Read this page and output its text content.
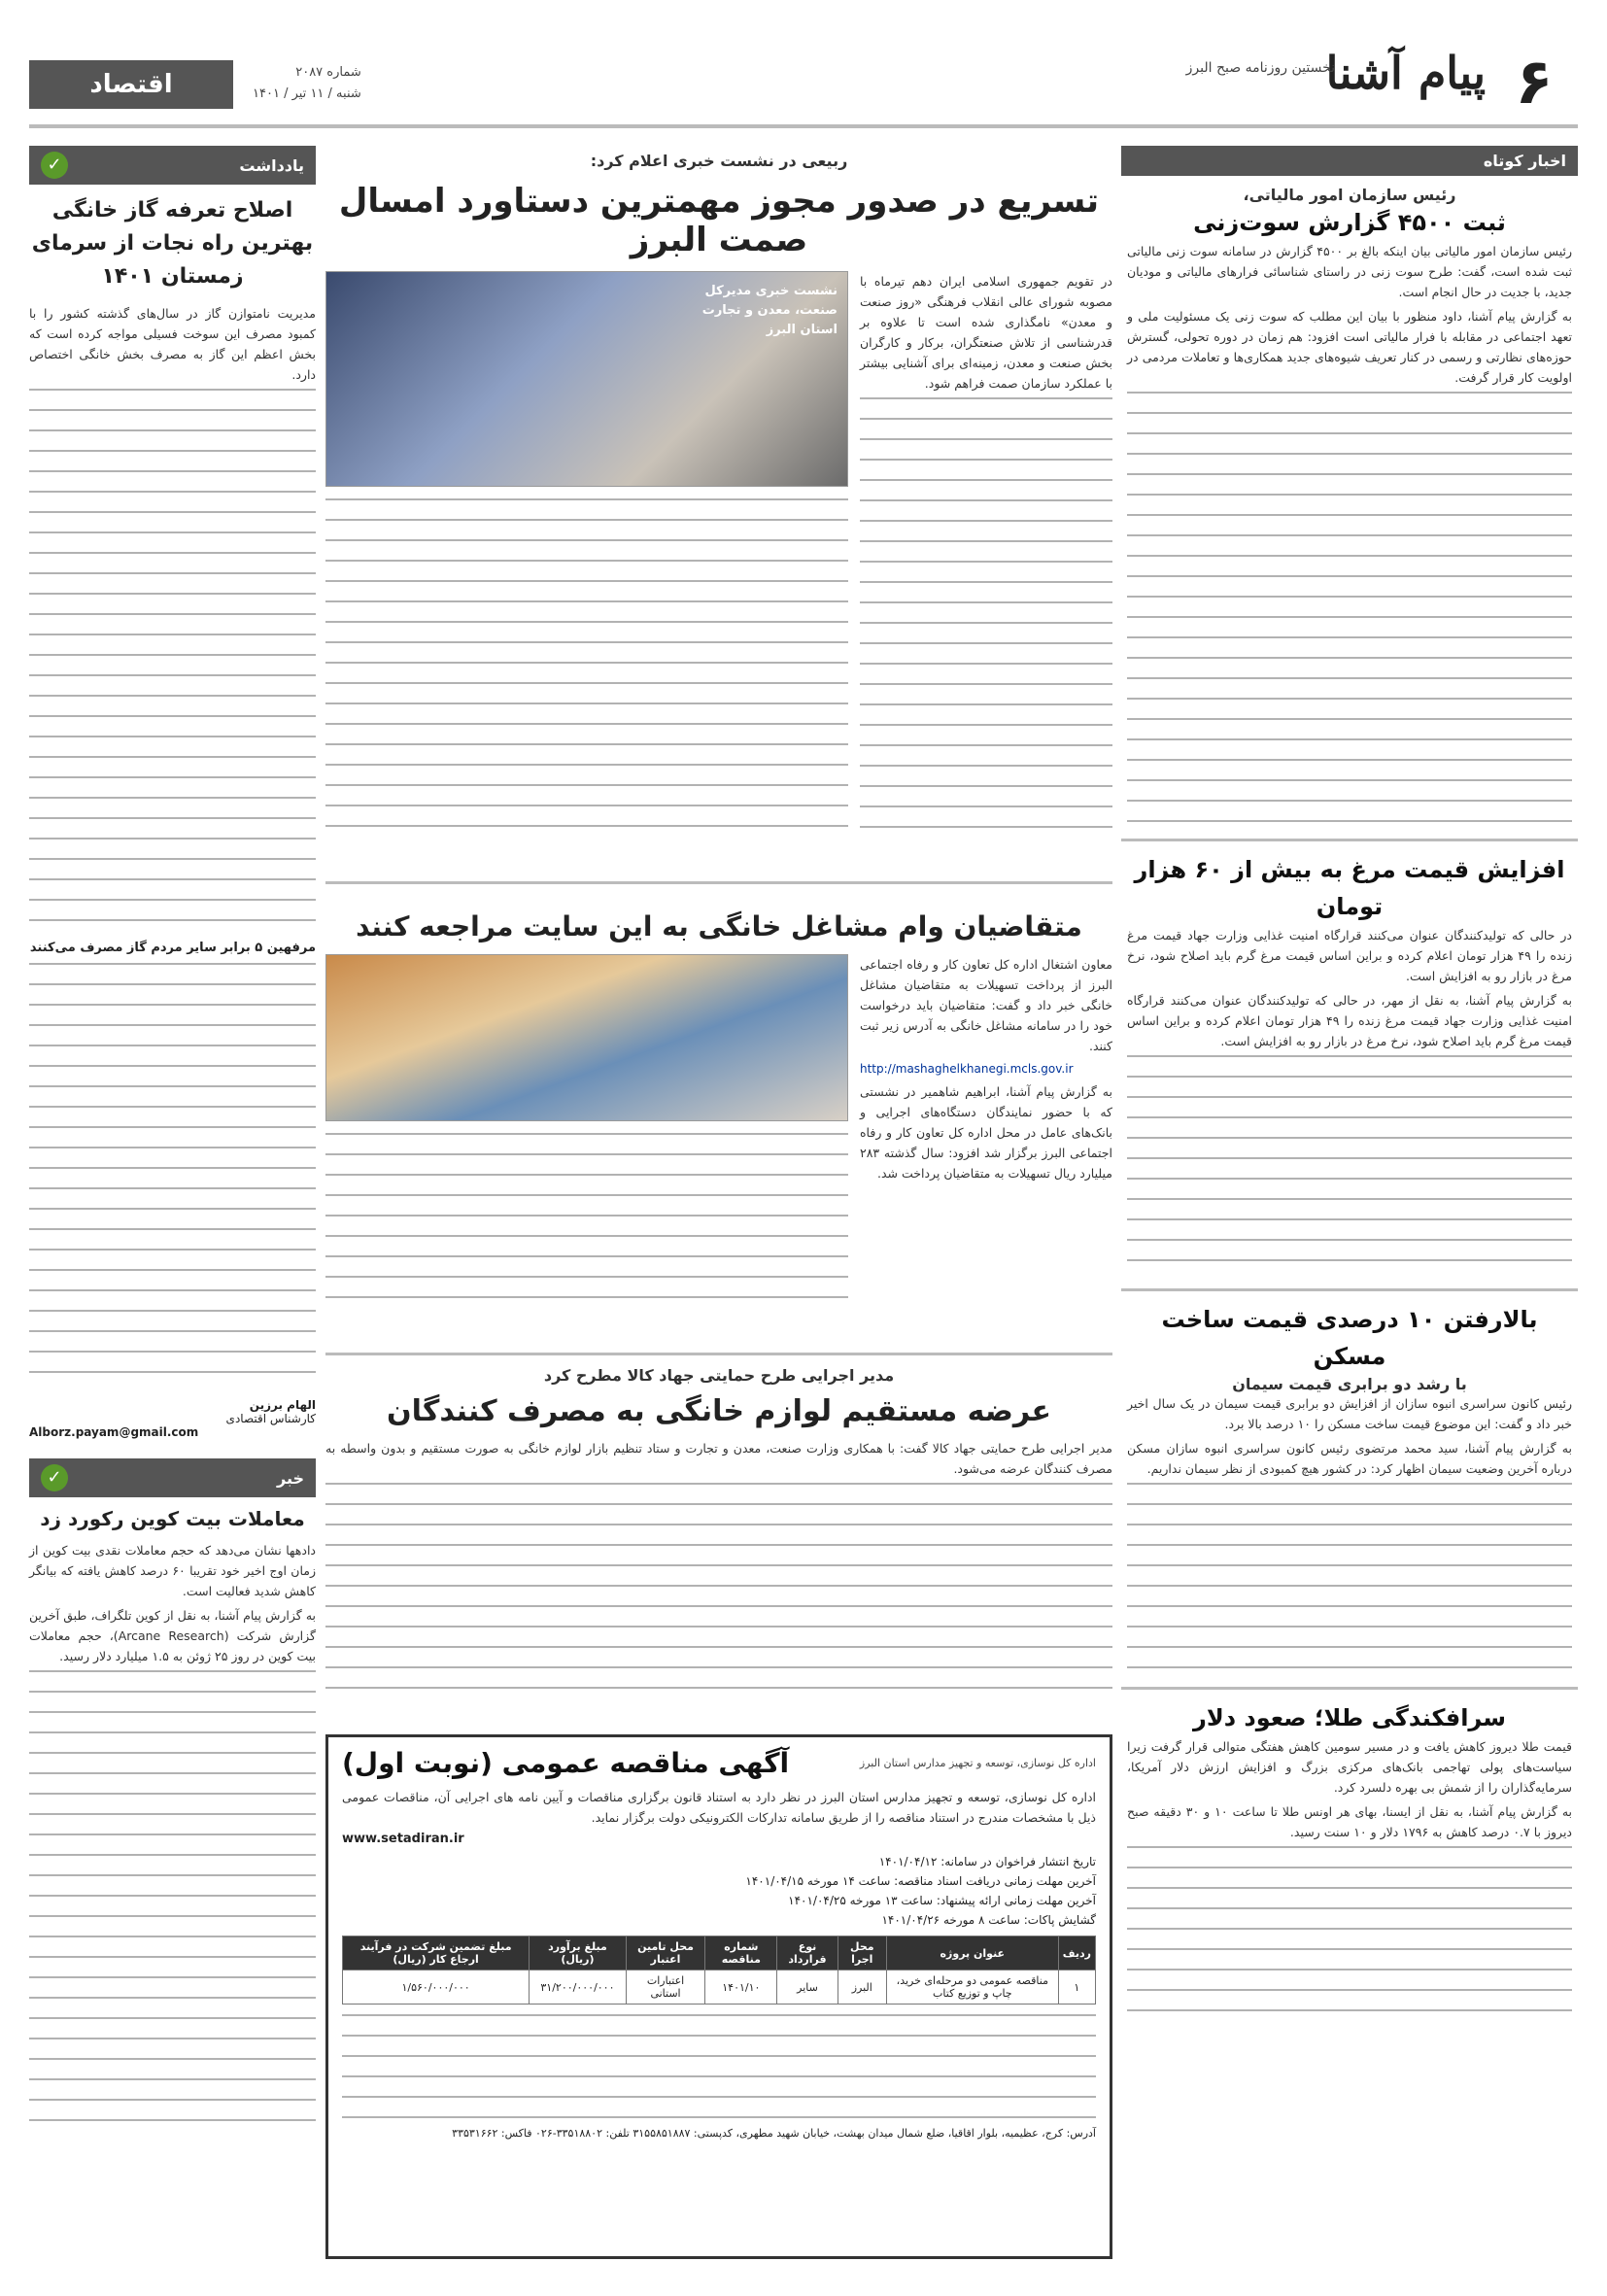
۶
پیام آشنا
نخستین روزنامه صبح البرز
شماره ۲۰۸۷
شنبه / ۱۱ تیر / ۱۴۰۱
اقتصاد
اخبار کوتاه
رئیس سازمان امور مالیاتی،
ثبت ۴۵۰۰ گزارش سوت‌زنی

رئیس سازمان امور مالیاتی بیان اینکه بالغ بر ۴۵۰۰ گزارش در سامانه سوت زنی مالیاتی ثبت شده است، گفت: طرح سوت زنی در راستای شناسائی فرارهای مالیاتی و مودیان جدید، با جدیت در حال انجام است.

به گزارش پیام آشنا، داود منظور با بیان این مطلب که سوت زنی یک مسئولیت ملی و تعهد اجتماعی در مقابله با فرار مالیاتی است افزود: هم زمان در دوره تحولی، گسترش حوزه‌های نظارتی و رسمی در کنار تعریف شیوه‌های جدید همکاری‌ها و تعاملات مردمی در اولویت کار قرار گرفت.

افزایش قیمت مرغ به بیش از ۶۰ هزار تومان

در حالی که تولیدکنندگان عنوان می‌کنند قرارگاه امنیت غذایی وزارت جهاد قیمت مرغ زنده را ۴۹ هزار تومان اعلام کرده و براین اساس قیمت مرغ گرم باید اصلاح شود، نرخ مرغ در بازار رو به افزایش است.

به گزارش پیام آشنا، به نقل از مهر، در حالی که تولیدکنندگان عنوان می‌کنند قرارگاه امنیت غذایی وزارت جهاد قیمت مرغ زنده را ۴۹ هزار تومان اعلام کرده و براین اساس قیمت مرغ گرم باید اصلاح شود، نرخ مرغ در بازار رو به افزایش است.

بالارفتن ۱۰ درصدی قیمت ساخت مسکن
با رشد دو برابری قیمت سیمان

رئیس کانون سراسری انبوه سازان از افزایش دو برابری قیمت سیمان در یک سال اخیر خبر داد و گفت: این موضوع قیمت ساخت مسکن را ۱۰ درصد بالا برد.

به گزارش پیام آشنا، سید محمد مرتضوی رئیس کانون سراسری انبوه سازان مسکن درباره آخرین وضعیت سیمان اظهار کرد: در کشور هیچ کمبودی از نظر سیمان نداریم.

سرافکندگی طلا؛ صعود دلار

قیمت طلا دیروز کاهش یافت و در مسیر سومین کاهش هفتگی متوالی قرار گرفت زیرا سیاست‌های پولی تهاجمی بانک‌های مرکزی بزرگ و افزایش ارزش دلار آمریکا، سرمایه‌گذاران را از شمش بی بهره دلسرد کرد.

به گزارش پیام آشنا، به نقل از ایسنا، بهای هر اونس طلا تا ساعت ۱۰ و ۳۰ دقیقه صبح دیروز با ۰.۷ درصد کاهش به ۱۷۹۶ دلار و ۱۰ سنت رسید.

ربیعی در نشست خبری اعلام کرد:
تسریع در صدور مجوز مهمترین دستاورد امسال صمت البرز

در تقویم جمهوری اسلامی ایران دهم تیرماه با مصوبه شورای عالی انقلاب فرهنگی «روز صنعت و معدن» نامگذاری شده است تا علاوه بر قدرشناسی از تلاش صنعتگران، برکار و کارگران بخش صنعت و معدن، زمینه‌ای برای آشنایی بیشتر با عملکرد سازمان صمت فراهم شود.

نشست خبری مدیرکل صنعت، معدن و تجارت استان البرز
متقاضیان وام مشاغل خانگی به این سایت مراجعه کنند

معاون اشتغال اداره کل تعاون کار و رفاه اجتماعی البرز از پرداخت تسهیلات به متقاضیان مشاغل خانگی خبر داد و گفت: متقاضیان باید درخواست خود را در سامانه مشاغل خانگی به آدرس زیر ثبت کنند.

http://mashaghelkhanegi.mcls.gov.ir

به گزارش پیام آشنا، ابراهیم شاهمیر در نشستی که با حضور نمایندگان دستگاه‌های اجرایی و بانک‌های عامل در محل اداره کل تعاون کار و رفاه اجتماعی البرز برگزار شد افزود: سال گذشته ۲۸۳ میلیارد ریال تسهیلات به متقاضیان پرداخت شد.

مدیر اجرایی طرح حمایتی جهاد کالا مطرح کرد
عرضه مستقیم لوازم خانگی به مصرف کنندگان

مدیر اجرایی طرح حمایتی جهاد کالا گفت: با همکاری وزارت صنعت، معدن و تجارت و ستاد تنظیم بازار لوازم خانگی به صورت مستقیم و بدون واسطه به مصرف کنندگان عرضه می‌شود.

اداره کل نوسازی، توسعه و تجهیز مدارس استان البرز
آگهی مناقصه عمومی (نوبت اول)

اداره کل نوسازی، توسعه و تجهیز مدارس استان البرز در نظر دارد به استناد قانون برگزاری مناقصات و آیین نامه های اجرایی آن، مناقصات عمومی ذیل با مشخصات مندرج در استناد مناقصه را از طریق سامانه تدارکات الکترونیکی دولت برگزار نماید.

www.setadiran.ir
تاریخ انتشار فراخوان در سامانه: ۱۴۰۱/۰۴/۱۲
آخرین مهلت زمانی دریافت اسناد مناقصه: ساعت ۱۴ مورخه ۱۴۰۱/۰۴/۱۵
آخرین مهلت زمانی ارائه پیشنهاد: ساعت ۱۳ مورخه ۱۴۰۱/۰۴/۲۵
گشایش پاکات: ساعت ۸ مورخه ۱۴۰۱/۰۴/۲۶
ردیف	عنوان پروژه	محل اجرا	نوع قرارداد	شماره مناقصه	محل تامین اعتبار	مبلغ برآورد (ریال)	مبلغ تضمین شرکت در فرآیند ارجاع کار (ریال)
۱	مناقصه عمومی دو مرحله‌ای خرید، چاپ و توزیع کتاب	البرز	سایر	۱۴۰۱/۱۰	اعتبارات استانی	۳۱/۲۰۰/۰۰۰/۰۰۰	۱/۵۶۰/۰۰۰/۰۰۰
آدرس: کرج، عظیمیه، بلوار اقاقیا، ضلع شمال میدان بهشت، خیابان شهید مطهری، کدپستی: ۳۱۵۵۸۵۱۸۸۷ تلفن: ۳۳۵۱۸۸۰۲-۰۲۶ فاکس: ۳۳۵۳۱۶۶۲
یادداشت
✓
اصلاح تعرفه گاز خانگی بهترین راه نجات از سرمای زمستان ۱۴۰۱

مدیریت نامتوازن گاز در سال‌های گذشته کشور را با کمبود مصرف این سوخت فسیلی مواجه کرده است که بخش اعظم این گاز به مصرف بخش خانگی اختصاص دارد.

مرفهین ۵ برابر سایر مردم گاز مصرف می‌کنند
الهام برزین
کارشناس اقتصادی
Alborz.payam@gmail.com
خبر
✓
معاملات بیت کوین رکورد زد

دادهها نشان می‌دهد که حجم معاملات نقدی بیت کوین از زمان اوج اخیر خود تقریبا ۶۰ درصد کاهش یافته که بیانگر کاهش شدید فعالیت است.

به گزارش پیام آشنا، به نقل از کوین تلگراف، طبق آخرین گزارش شرکت (Arcane Research)، حجم معاملات بیت کوین در روز ۲۵ ژوئن به ۱.۵ میلیارد دلار رسید.
